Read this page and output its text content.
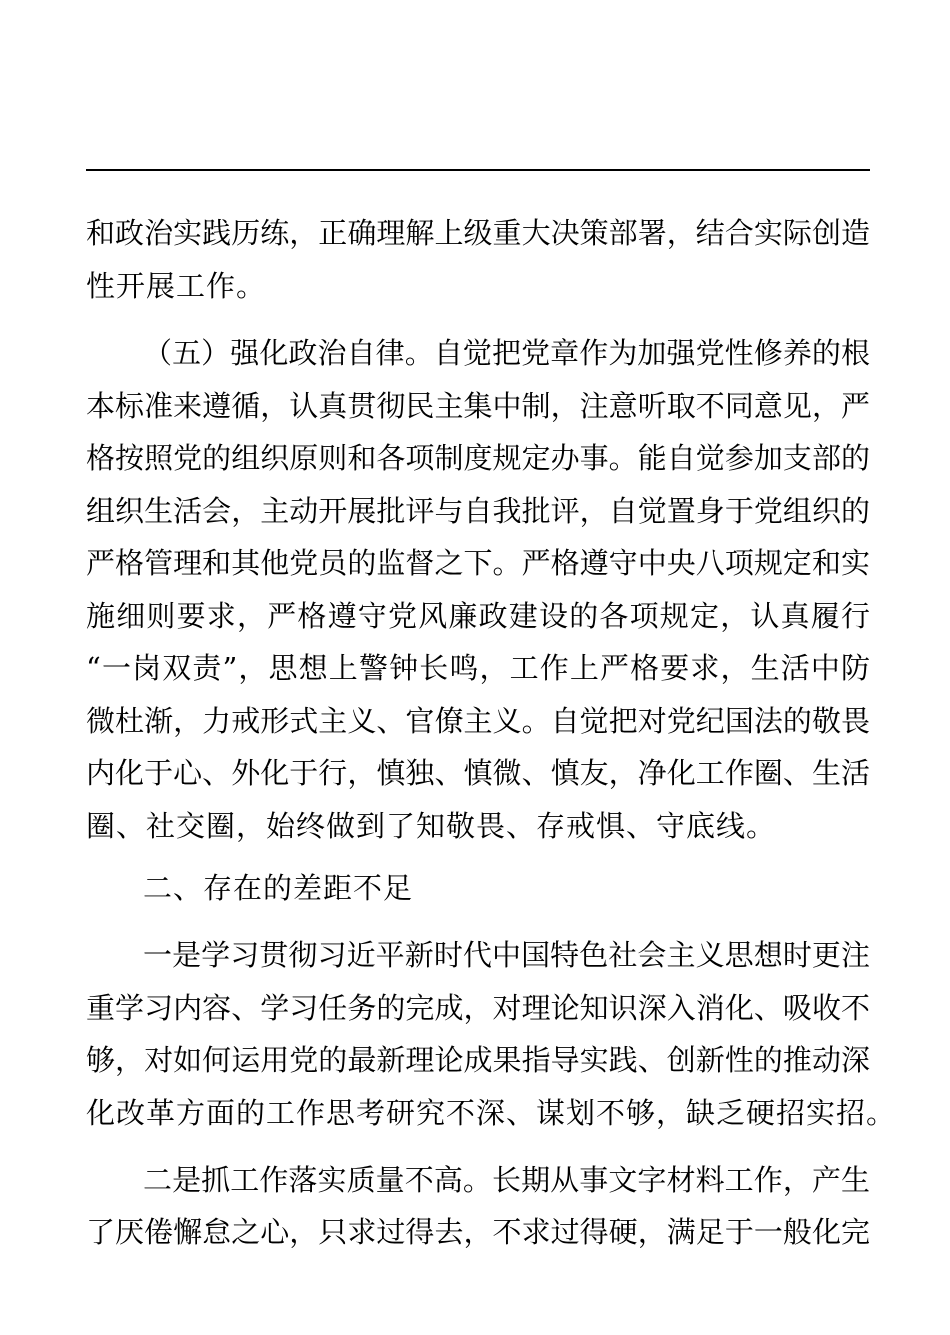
和政治实践历练，正确理解上级重大决策部署，结合实际创造
性开展工作。
（五）强化政治自律。自觉把党章作为加强党性修养的根
本标准来遵循，认真贯彻民主集中制，注意听取不同意见，严
格按照党的组织原则和各项制度规定办事。能自觉参加支部的
组织生活会，主动开展批评与自我批评，自觉置身于党组织的
严格管理和其他党员的监督之下。严格遵守中央八项规定和实
施细则要求，严格遵守党风廉政建设的各项规定，认真履行
“一岗双责”，思想上警钟长鸣，工作上严格要求，生活中防
微杜渐，力戒形式主义、官僚主义。自觉把对党纪国法的敬畏
内化于心、外化于行，慎独、慎微、慎友，净化工作圈、生活
圈、社交圈，始终做到了知敬畏、存戒惧、守底线。
二、存在的差距不足
一是学习贯彻习近平新时代中国特色社会主义思想时更注
重学习内容、学习任务的完成，对理论知识深入消化、吸收不
够，对如何运用党的最新理论成果指导实践、创新性的推动深
化改革方面的工作思考研究不深、谋划不够，缺乏硬招实招。
二是抓工作落实质量不高。长期从事文字材料工作，产生
了厌倦懈怠之心，只求过得去，不求过得硬，满足于一般化完
